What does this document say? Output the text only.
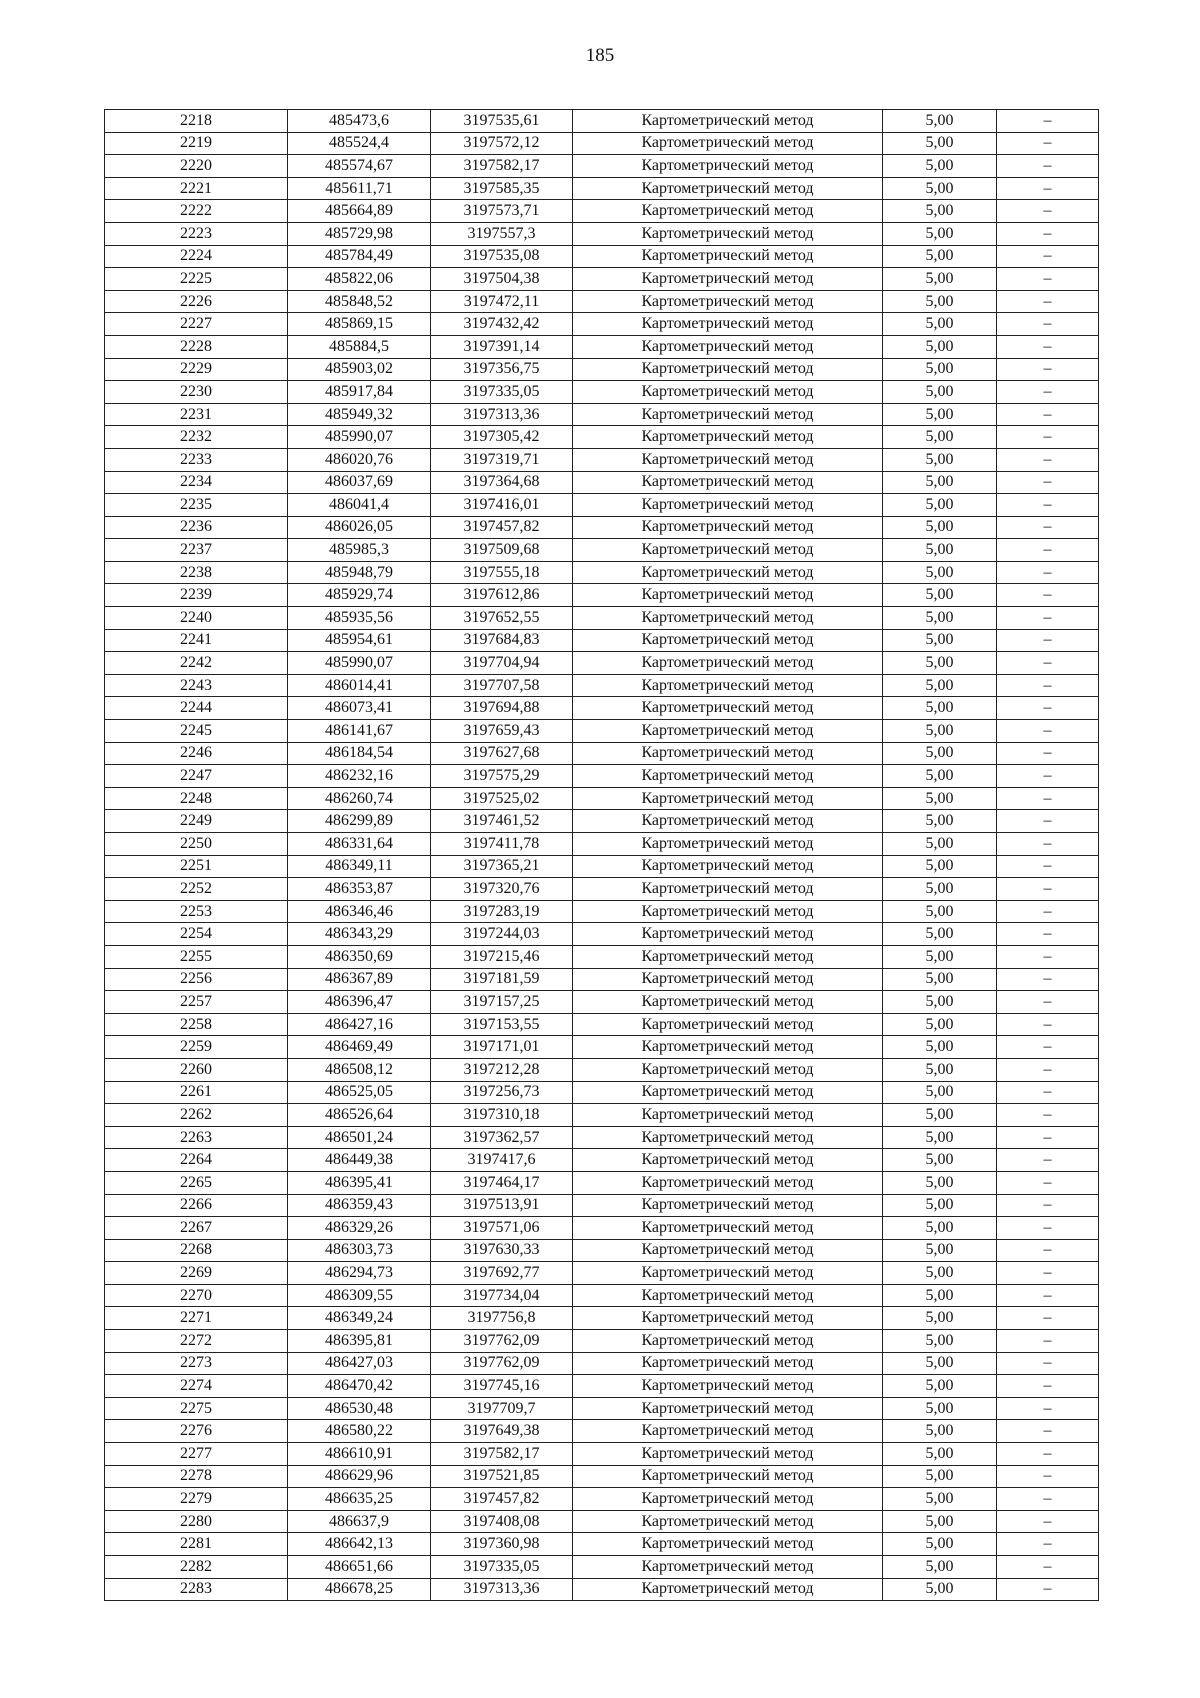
185
2218	485473,6	3197535,61	Картометрический метод	5,00	–
2219	485524,4	3197572,12	Картометрический метод	5,00	–
2220	485574,67	3197582,17	Картометрический метод	5,00	–
2221	485611,71	3197585,35	Картометрический метод	5,00	–
2222	485664,89	3197573,71	Картометрический метод	5,00	–
2223	485729,98	3197557,3	Картометрический метод	5,00	–
2224	485784,49	3197535,08	Картометрический метод	5,00	–
2225	485822,06	3197504,38	Картометрический метод	5,00	–
2226	485848,52	3197472,11	Картометрический метод	5,00	–
2227	485869,15	3197432,42	Картометрический метод	5,00	–
2228	485884,5	3197391,14	Картометрический метод	5,00	–
2229	485903,02	3197356,75	Картометрический метод	5,00	–
2230	485917,84	3197335,05	Картометрический метод	5,00	–
2231	485949,32	3197313,36	Картометрический метод	5,00	–
2232	485990,07	3197305,42	Картометрический метод	5,00	–
2233	486020,76	3197319,71	Картометрический метод	5,00	–
2234	486037,69	3197364,68	Картометрический метод	5,00	–
2235	486041,4	3197416,01	Картометрический метод	5,00	–
2236	486026,05	3197457,82	Картометрический метод	5,00	–
2237	485985,3	3197509,68	Картометрический метод	5,00	–
2238	485948,79	3197555,18	Картометрический метод	5,00	–
2239	485929,74	3197612,86	Картометрический метод	5,00	–
2240	485935,56	3197652,55	Картометрический метод	5,00	–
2241	485954,61	3197684,83	Картометрический метод	5,00	–
2242	485990,07	3197704,94	Картометрический метод	5,00	–
2243	486014,41	3197707,58	Картометрический метод	5,00	–
2244	486073,41	3197694,88	Картометрический метод	5,00	–
2245	486141,67	3197659,43	Картометрический метод	5,00	–
2246	486184,54	3197627,68	Картометрический метод	5,00	–
2247	486232,16	3197575,29	Картометрический метод	5,00	–
2248	486260,74	3197525,02	Картометрический метод	5,00	–
2249	486299,89	3197461,52	Картометрический метод	5,00	–
2250	486331,64	3197411,78	Картометрический метод	5,00	–
2251	486349,11	3197365,21	Картометрический метод	5,00	–
2252	486353,87	3197320,76	Картометрический метод	5,00	–
2253	486346,46	3197283,19	Картометрический метод	5,00	–
2254	486343,29	3197244,03	Картометрический метод	5,00	–
2255	486350,69	3197215,46	Картометрический метод	5,00	–
2256	486367,89	3197181,59	Картометрический метод	5,00	–
2257	486396,47	3197157,25	Картометрический метод	5,00	–
2258	486427,16	3197153,55	Картометрический метод	5,00	–
2259	486469,49	3197171,01	Картометрический метод	5,00	–
2260	486508,12	3197212,28	Картометрический метод	5,00	–
2261	486525,05	3197256,73	Картометрический метод	5,00	–
2262	486526,64	3197310,18	Картометрический метод	5,00	–
2263	486501,24	3197362,57	Картометрический метод	5,00	–
2264	486449,38	3197417,6	Картометрический метод	5,00	–
2265	486395,41	3197464,17	Картометрический метод	5,00	–
2266	486359,43	3197513,91	Картометрический метод	5,00	–
2267	486329,26	3197571,06	Картометрический метод	5,00	–
2268	486303,73	3197630,33	Картометрический метод	5,00	–
2269	486294,73	3197692,77	Картометрический метод	5,00	–
2270	486309,55	3197734,04	Картометрический метод	5,00	–
2271	486349,24	3197756,8	Картометрический метод	5,00	–
2272	486395,81	3197762,09	Картометрический метод	5,00	–
2273	486427,03	3197762,09	Картометрический метод	5,00	–
2274	486470,42	3197745,16	Картометрический метод	5,00	–
2275	486530,48	3197709,7	Картометрический метод	5,00	–
2276	486580,22	3197649,38	Картометрический метод	5,00	–
2277	486610,91	3197582,17	Картометрический метод	5,00	–
2278	486629,96	3197521,85	Картометрический метод	5,00	–
2279	486635,25	3197457,82	Картометрический метод	5,00	–
2280	486637,9	3197408,08	Картометрический метод	5,00	–
2281	486642,13	3197360,98	Картометрический метод	5,00	–
2282	486651,66	3197335,05	Картометрический метод	5,00	–
2283	486678,25	3197313,36	Картометрический метод	5,00	–
